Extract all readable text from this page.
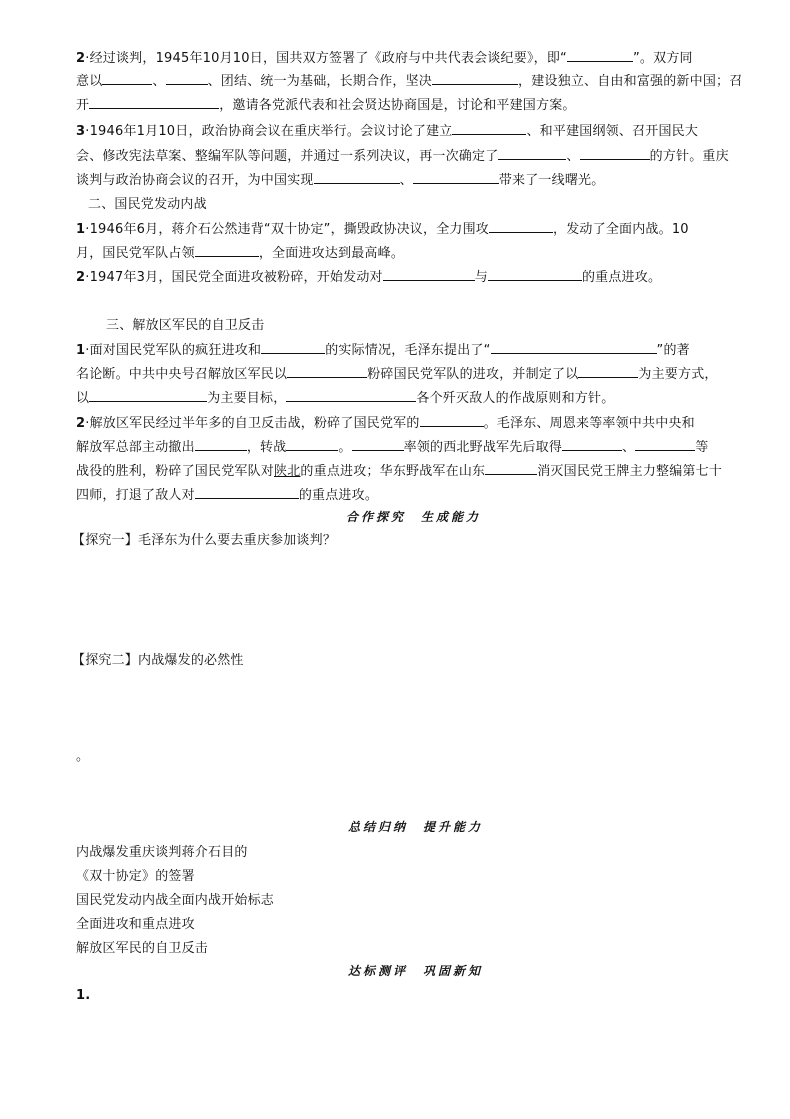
2·经过谈判，1945年10月10日，国共双方签署了《政府与中共代表会谈纪要》，即“	”。双方同
意以	、	、团结、统一为基础，长期合作，坚决	，建设独立、自由和富强的新中国；召
开	，邀请各党派代表和社会贤达协商国是，讨论和平建国方案。
3·1946年1月10日，政治协商会议在重庆举行。会议讨论了建立	、和平建国纲领、召开国民大
会、修改宪法草案、整编军队等问题，并通过一系列决议，再一次确定了	、	的方针。重庆
谈判与政治协商会议的召开，为中国实现	、	带来了一线曙光。
二、国民党发动内战
1·1946年6月，蒋介石公然违背“双十协定”，撕毁政协决议，全力围攻	，发动了全面内战。10
月，国民党军队占领	，全面进攻达到最高峰。
2·1947年3月，国民党全面进攻被粉碎，开始发动对	与	的重点进攻。
三、解放区军民的自卫反击
1·面对国民党军队的疯狂进攻和	的实际情况，毛泽东提出了“	”的著
名论断。中共中央号召解放区军民以	粉碎国民党军队的进攻，并制定了以	为主要方式，
以	为主要目标，	各个歼灭敌人的作战原则和方针。
2·解放区军民经过半年多的自卫反击战，粉碎了国民党军的	。毛泽东、周恩来等率领中共中央和
解放军总部主动撤出	，转战	。	率领的西北野战军先后取得	、	等
战役的胜利，粉碎了国民党军队对陕北的重点进攻；华东野战军在山东	消灭国民党王牌主力整编第七十
四师，打退了敌人对	的重点进攻。
合作探究　生成能力
【探究一】毛泽东为什么要去重庆参加谈判？
【探究二】内战爆发的必然性
。
总结归纳　提升能力
内战爆发重庆谈判蒋介石目的
《双十协定》的签署
国民党发动内战全面内战开始标志
全面进攻和重点进攻
解放区军民的自卫反击
达标测评　巩固新知
1.
